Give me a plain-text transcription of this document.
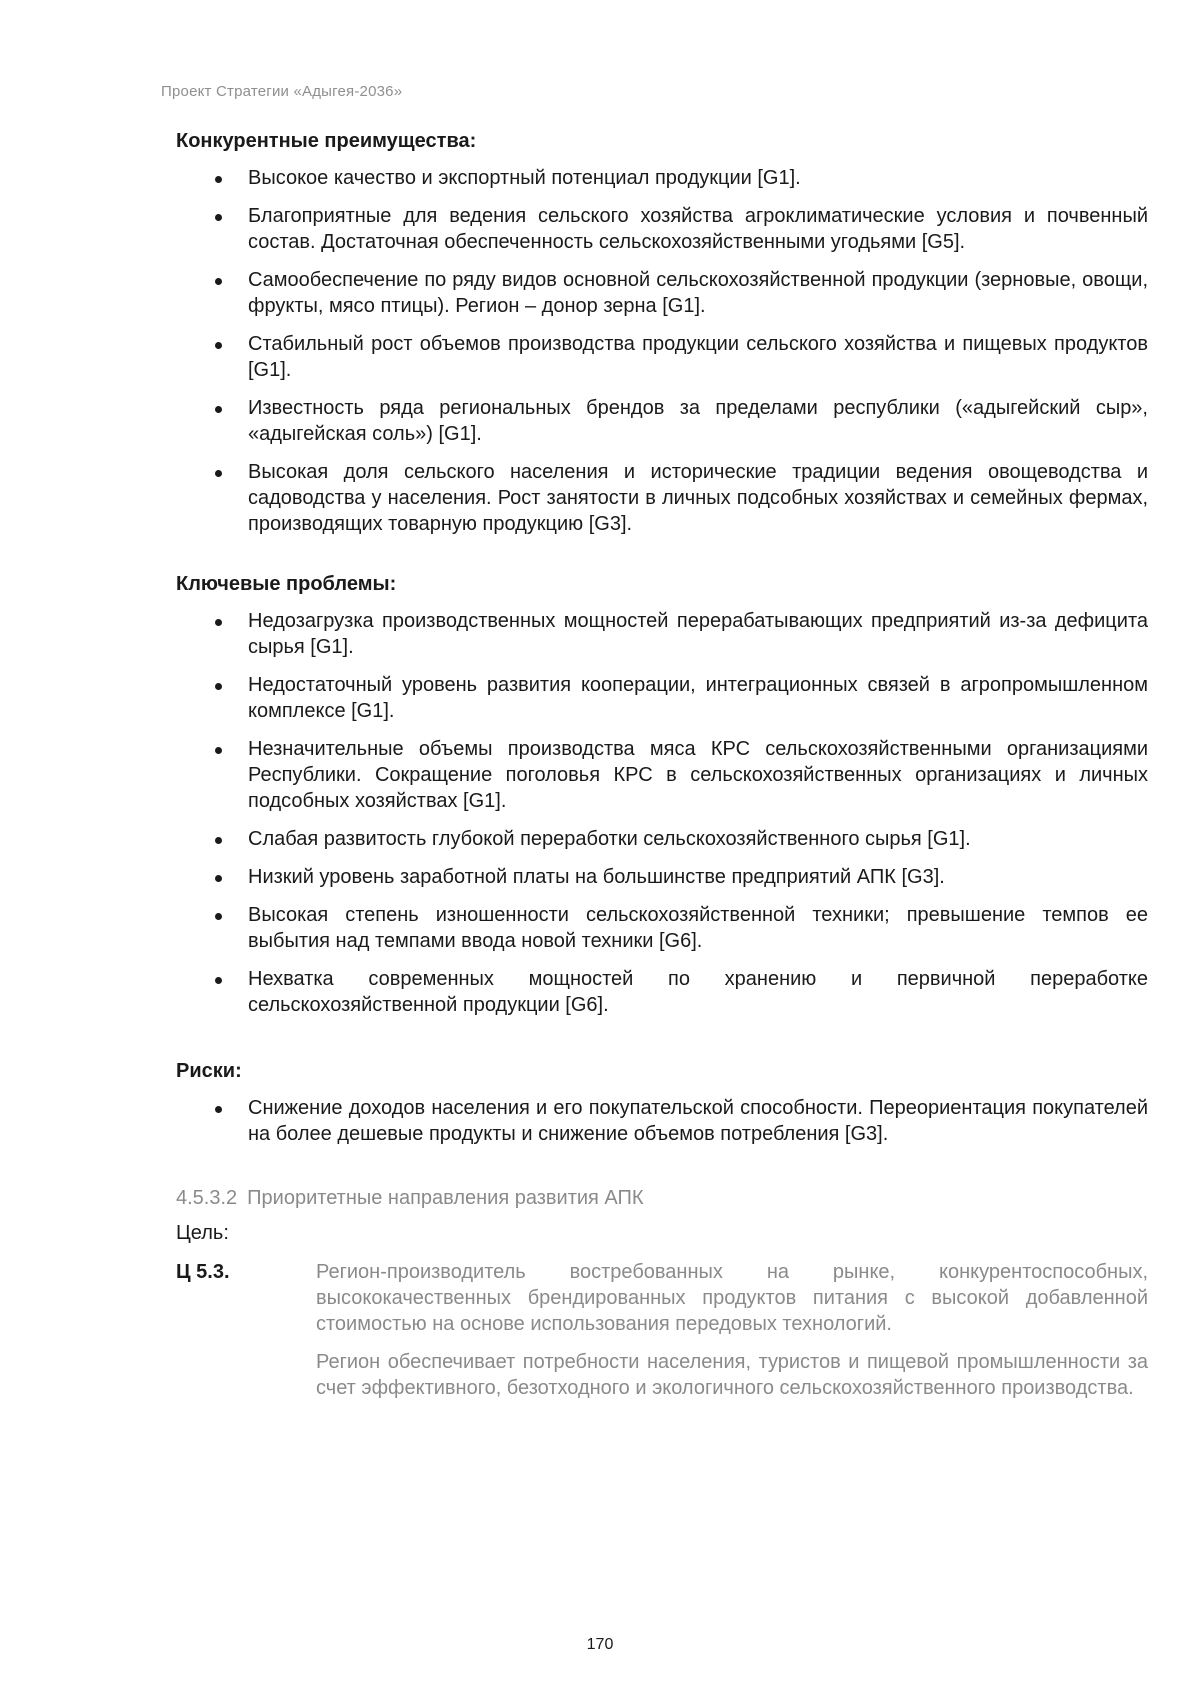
Проект Стратегии «Адыгея-2036»
Конкурентные преимущества:
Высокое качество и экспортный потенциал продукции [G1].
Благоприятные для ведения сельского хозяйства агроклиматические условия и почвенный состав. Достаточная обеспеченность сельскохозяйственными угодьями [G5].
Самообеспечение по ряду видов основной сельскохозяйственной продукции (зерновые, овощи, фрукты, мясо птицы). Регион – донор зерна [G1].
Стабильный рост объемов производства продукции сельского хозяйства и пищевых продуктов [G1].
Известность ряда региональных брендов за пределами республики («адыгейский сыр», «адыгейская соль») [G1].
Высокая доля сельского населения и исторические традиции ведения овощеводства и садоводства у населения. Рост занятости в личных подсобных хозяйствах и семейных фермах, производящих товарную продукцию [G3].
Ключевые проблемы:
Недозагрузка производственных мощностей перерабатывающих предприятий из-за дефицита сырья [G1].
Недостаточный уровень развития кооперации, интеграционных связей в агропромышленном комплексе [G1].
Незначительные объемы производства мяса КРС сельскохозяйственными организациями Республики. Сокращение поголовья КРС в сельскохозяйственных организациях и личных подсобных хозяйствах [G1].
Слабая развитость глубокой переработки сельскохозяйственного сырья [G1].
Низкий уровень заработной платы на большинстве предприятий АПК [G3].
Высокая степень изношенности сельскохозяйственной техники; превышение темпов ее выбытия над темпами ввода новой техники [G6].
Нехватка современных мощностей по хранению и первичной переработке сельскохозяйственной продукции [G6].
Риски:
Снижение доходов населения и его покупательской способности. Переориентация покупателей на более дешевые продукты и снижение объемов потребления [G3].
4.5.3.2 Приоритетные направления развития АПК
Цель:
Ц 5.3.	Регион-производитель востребованных на рынке, конкурентоспособных, высококачественных брендированных продуктов питания с высокой добавленной стоимостью на основе использования передовых технологий.

Регион обеспечивает потребности населения, туристов и пищевой промышленности за счет эффективного, безотходного и экологичного сельскохозяйственного производства.

170
